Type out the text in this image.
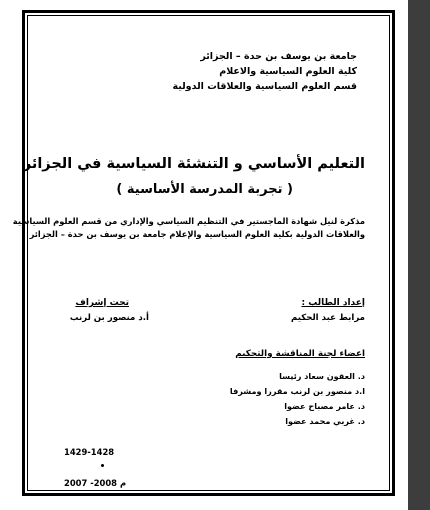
جامعة بن يوسف بن حدة – الجزائر
كلية العلوم السياسية والاعلام
قسم العلوم السياسية والعلاقات الدولية
التعليم الأساسي و التنشئة السياسية في الجزائر
( تجربة المدرسة الأساسية )
مذكرة لنيل شهادة الماجستير في التنظيم السياسي والإداري من قسم العلوم السياسية
والعلاقات الدولية بكلية العلوم السياسية والإعلام جامعة بن يوسف بن حدة – الجزائر
إعداد الطالب :
مرابط عبد الحكيم
تحت إشراف
أ.د منصور بن لرنب
اعضاء لجنة المناقشة والتحكيم
د. العقون سعاد رئيسا
ا.د منصور بن لرنب مقررا ومشرفا
د. عامر مصباح عضوا
د. غربي محمد عضوا
1429-1428
2007 -2008 م
